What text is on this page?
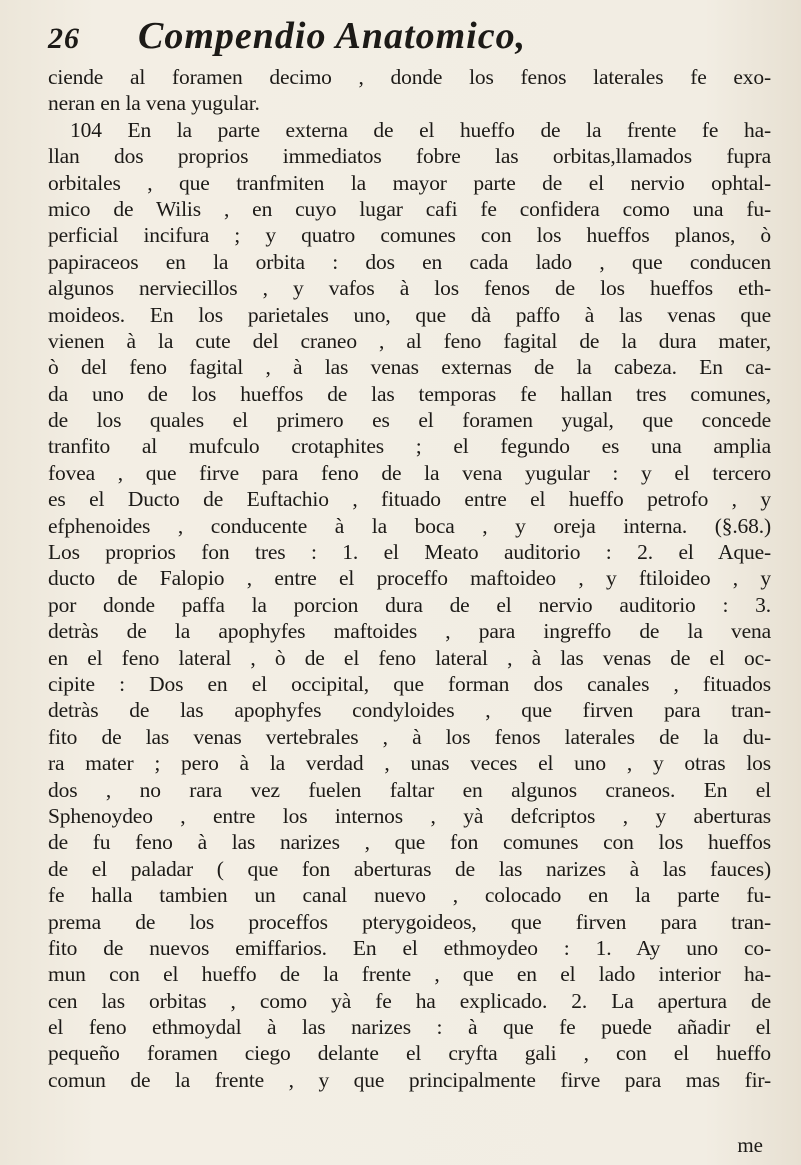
26	Compendio Anatomico,
ciende al foramen decimo , donde los fenos laterales fe exo-
neran en la vena yugular.
104 En la parte externa de el hueffo de la frente fe ha-
llan dos proprios immediatos fobre las orbitas,llamados fupra
orbitales , que tranfmiten la mayor parte de el nervio ophtal-
mico de Wilis , en cuyo lugar cafi fe confidera como una fu-
perficial incifura ; y quatro comunes con los hueffos planos, ò
papiraceos en la orbita : dos en cada lado , que conducen
algunos nerviecillos , y vafos à los fenos de los hueffos eth-
moideos. En los parietales uno, que dà paffo à las venas que
vienen à la cute del craneo , al feno fagital de la dura mater,
ò del feno fagital , à las venas externas de la cabeza. En ca-
da uno de los hueffos de las temporas fe hallan tres comunes,
de los quales el primero es el foramen yugal, que concede
tranfito al mufculo crotaphites ; el fegundo es una amplia
fovea , que firve para feno de la vena yugular : y el tercero
es el Ducto de Euftachio , fituado entre el hueffo petrofo , y
efphenoides , conducente à la boca , y oreja interna. (§.68.)
Los proprios fon tres : 1. el Meato auditorio : 2. el Aque-
ducto de Falopio , entre el proceffo maftoideo , y ftiloideo , y
por donde paffa la porcion dura de el nervio auditorio : 3.
detràs de la apophyfes maftoides , para ingreffo de la vena
en el feno lateral , ò de el feno lateral , à las venas de el oc-
cipite : Dos en el occipital, que forman dos canales , fituados
detràs de las apophyfes condyloides , que firven para tran-
fito de las venas vertebrales , à los fenos laterales de la du-
ra mater ; pero à la verdad , unas veces el uno , y otras los
dos , no rara vez fuelen faltar en algunos craneos. En el
Sphenoydeo , entre los internos , yà defcriptos , y aberturas
de fu feno à las narizes , que fon comunes con los hueffos
de el paladar ( que fon aberturas de las narizes à las fauces)
fe halla tambien un canal nuevo , colocado en la parte fu-
prema de los proceffos pterygoideos, que firven para tran-
fito de nuevos emiffarios. En el ethmoydeo : 1. Ay uno co-
mun con el hueffo de la frente , que en el lado interior ha-
cen las orbitas , como yà fe ha explicado. 2. La apertura de
el feno ethmoydal à las narizes : à que fe puede añadir el
pequeño foramen ciego delante el cryfta gali , con el hueffo
comun de la frente , y que principalmente firve para mas fir-
me
